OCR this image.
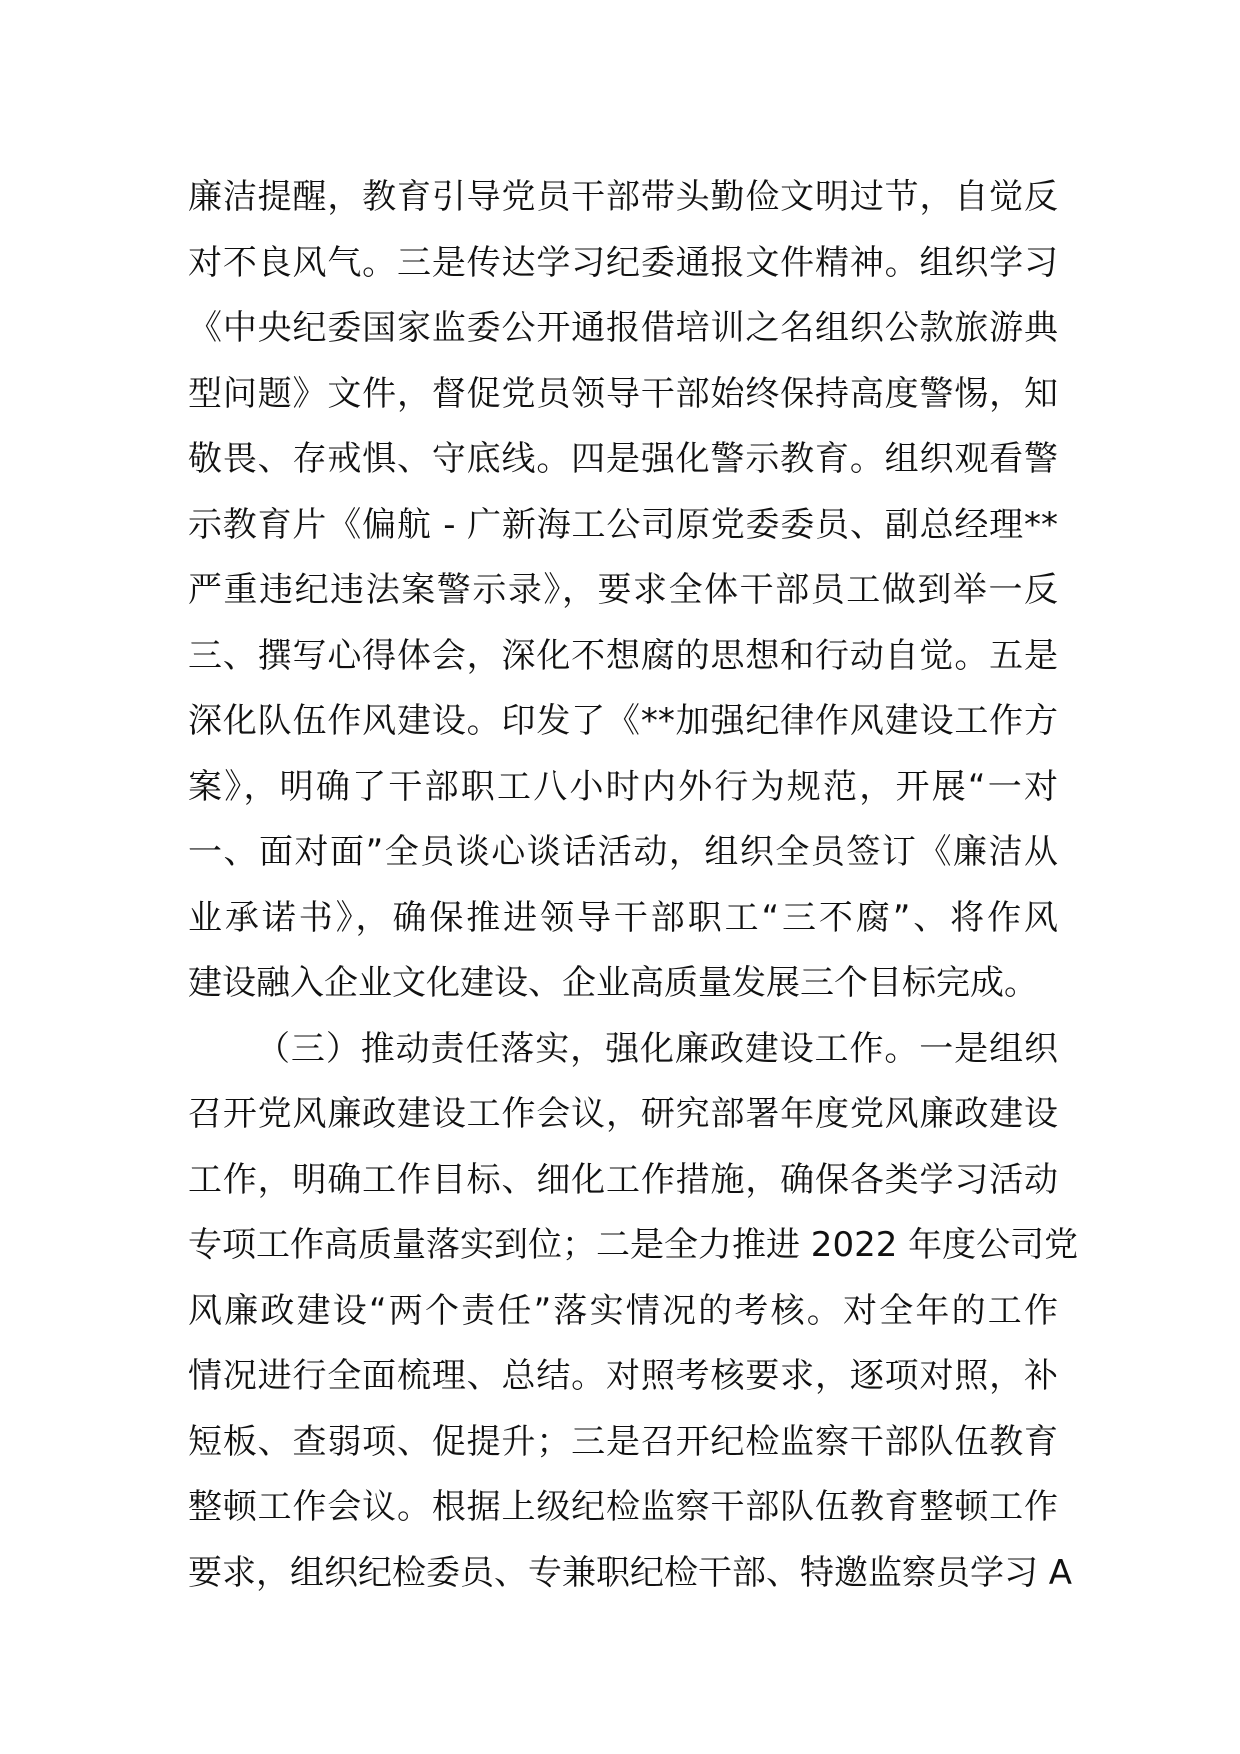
廉洁提醒，教育引导党员干部带头勤俭文明过节，自觉反
对不良风气。三是传达学习纪委通报文件精神。组织学习
《中央纪委国家监委公开通报借培训之名组织公款旅游典
型问题》文件，督促党员领导干部始终保持高度警惕，知
敬畏、存戒惧、守底线。四是强化警示教育。组织观看警
示教育片《偏航 - 广新海工公司原党委委员、副总经理**
严重违纪违法案警示录》，要求全体干部员工做到举一反
三、撰写心得体会，深化不想腐的思想和行动自觉。五是
深化队伍作风建设。印发了《**加强纪律作风建设工作方
案》，明确了干部职工八小时内外行为规范，开展“一对
一、面对面”全员谈心谈话活动，组织全员签订《廉洁从
业承诺书》，确保推进领导干部职工“三不腐”、将作风
建设融入企业文化建设、企业高质量发展三个目标完成。
（三）推动责任落实，强化廉政建设工作。一是组织
召开党风廉政建设工作会议，研究部署年度党风廉政建设
工作，明确工作目标、细化工作措施，确保各类学习活动
专项工作高质量落实到位；二是全力推进 2022 年度公司党
风廉政建设“两个责任”落实情况的考核。对全年的工作
情况进行全面梳理、总结。对照考核要求，逐项对照，补
短板、查弱项、促提升；三是召开纪检监察干部队伍教育
整顿工作会议。根据上级纪检监察干部队伍教育整顿工作
要求，组织纪检委员、专兼职纪检干部、特邀监察员学习 A
